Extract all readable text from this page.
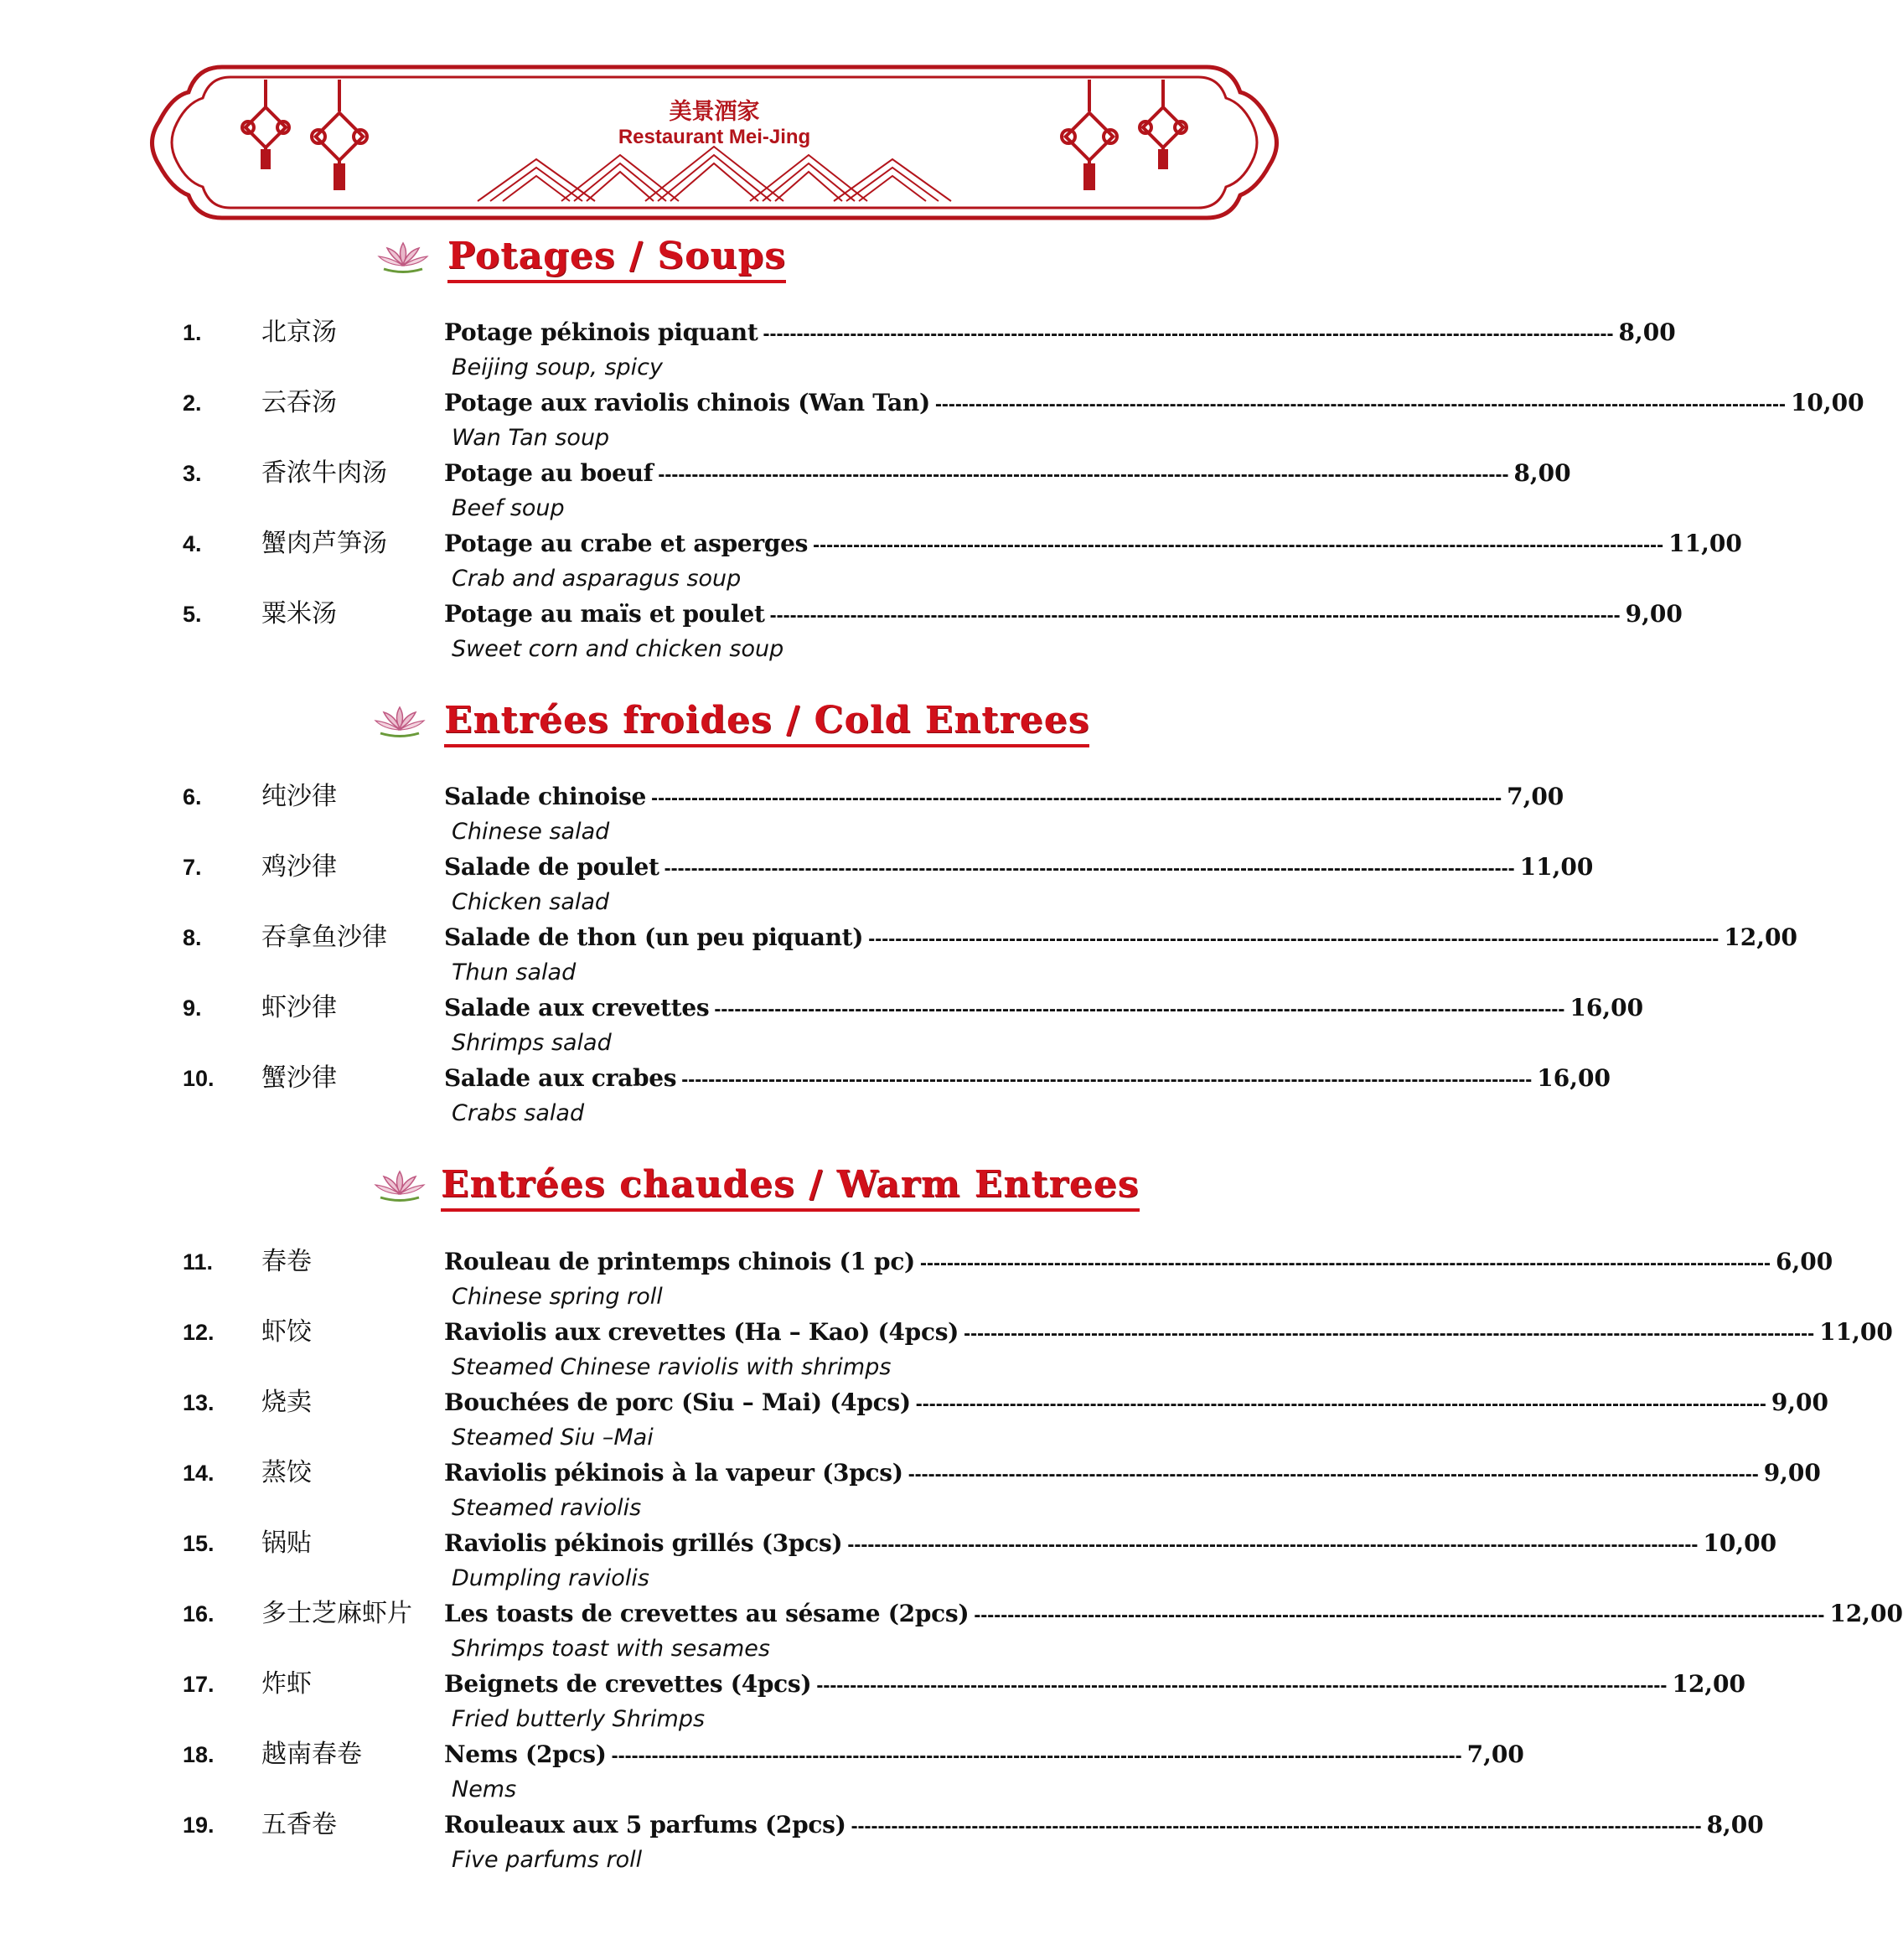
美景酒家
Restaurant Mei-Jing
Potages / Soups
1. 北京汤	Potage pékinois piquant ------------------------------------------------------------------------------------------------------------------------------- 8,00
Beijing soup, spicy
2. 云吞汤	Potage aux raviolis chinois (Wan Tan) ------------------------------------------------------------------------------------------------------------------------------- 10,00
Wan Tan soup
3. 香浓牛肉汤 Potage au boeuf ------------------------------------------------------------------------------------------------------------------------------- 8,00
Beef soup
4. 蟹肉芦笋汤 Potage au crabe et asperges ------------------------------------------------------------------------------------------------------------------------------- 11,00
Crab and asparagus soup
5. 粟米汤	Potage au maïs et poulet ------------------------------------------------------------------------------------------------------------------------------- 9,00
Sweet corn and chicken soup
Entrées froides / Cold Entrees
6. 纯沙律	Salade chinoise ------------------------------------------------------------------------------------------------------------------------------- 7,00
Chinese salad
7. 鸡沙律	Salade de poulet ------------------------------------------------------------------------------------------------------------------------------- 11,00
Chicken salad
8. 吞拿鱼沙律 Salade de thon (un peu piquant) ------------------------------------------------------------------------------------------------------------------------------- 12,00
Thun salad
9. 虾沙律	Salade aux crevettes ------------------------------------------------------------------------------------------------------------------------------- 16,00
Shrimps salad
10. 蟹沙律	Salade aux crabes ------------------------------------------------------------------------------------------------------------------------------- 16,00
Crabs salad
Entrées chaudes / Warm Entrees
11. 春卷	Rouleau de printemps chinois (1 pc) ------------------------------------------------------------------------------------------------------------------------------- 6,00
Chinese spring roll
12. 虾饺	Raviolis aux crevettes (Ha – Kao) (4pcs) ------------------------------------------------------------------------------------------------------------------------------- 11,00
Steamed Chinese raviolis with shrimps
13. 烧卖	Bouchées de porc (Siu – Mai) (4pcs) ------------------------------------------------------------------------------------------------------------------------------- 9,00
Steamed Siu –Mai
14. 蒸饺	Raviolis pékinois à la vapeur (3pcs) ------------------------------------------------------------------------------------------------------------------------------- 9,00
Steamed raviolis
15. 锅贴	Raviolis pékinois grillés (3pcs) ------------------------------------------------------------------------------------------------------------------------------- 10,00
Dumpling raviolis
16. 多士芝麻虾片 Les toasts de crevettes au sésame (2pcs) ------------------------------------------------------------------------------------------------------------------------------- 12,00
Shrimps toast with sesames
17. 炸虾	Beignets de crevettes (4pcs) ------------------------------------------------------------------------------------------------------------------------------- 12,00
Fried butterly Shrimps
18. 越南春卷	Nems (2pcs) ------------------------------------------------------------------------------------------------------------------------------- 7,00
Nems
19. 五香卷	Rouleaux aux 5 parfums (2pcs) ------------------------------------------------------------------------------------------------------------------------------- 8,00
Five parfums roll
